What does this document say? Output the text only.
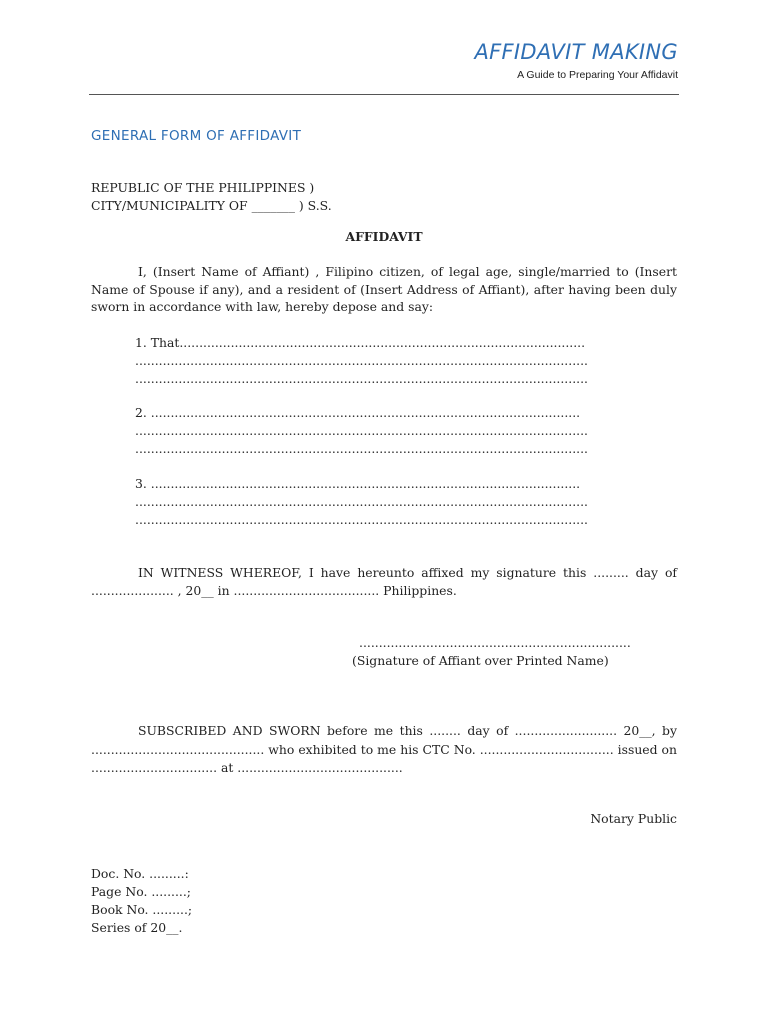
AFFIDAVIT MAKING
A Guide to Preparing Your Affidavit
GENERAL FORM OF AFFIDAVIT
REPUBLIC OF THE PHILIPPINES )
CITY/MUNICIPALITY OF _______ ) S.S.
AFFIDAVIT
I, (Insert Name of Affiant) , Filipino citizen, of legal age, single/married to (Insert Name of Spouse if any), and a resident of (Insert Address of Affiant), after having been duly sworn in accordance with law, hereby depose and say:
1. That.......................................................................................................
...................................................................................................................
...................................................................................................................
2. .............................................................................................................
...................................................................................................................
...................................................................................................................
3. .............................................................................................................
...................................................................................................................
...................................................................................................................
IN WITNESS WHEREOF, I have hereunto affixed my signature this ......... day of ..................... , 20__ in ..................................... Philippines.
.....................................................................
(Signature of Affiant over Printed Name)
SUBSCRIBED AND SWORN before me this ........ day of .......................... 20__, by ............................................ who exhibited to me his CTC No. .................................. issued on ................................ at ..........................................
Notary Public
Doc. No. .........:
Page No. .........;
Book No. .........;
Series of 20__.
